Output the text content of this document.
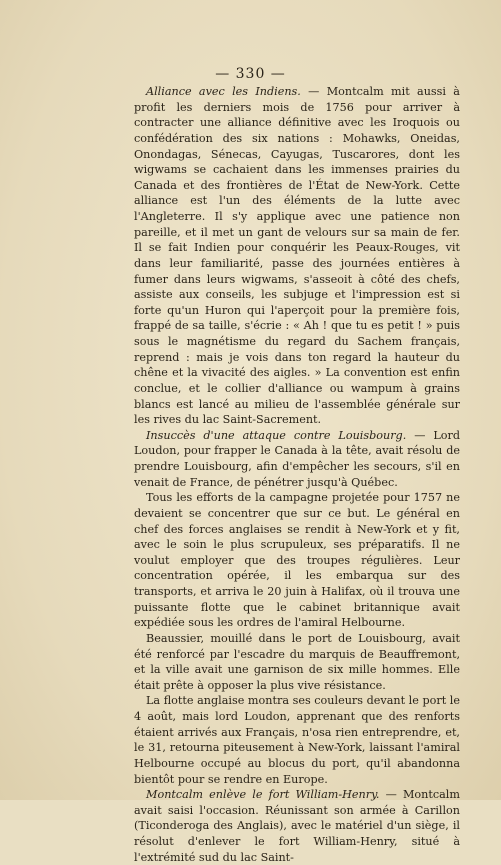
— 330 —

Alliance avec les Indiens. — Montcalm mit aussi à profit les derniers mois de 1756 pour arriver à contracter une alliance définitive avec les Iroquois ou confédération des six nations : Mohawks, Oneidas, Onondagas, Sénecas, Cayugas, Tuscarores, dont les wigwams se cachaient dans les immenses prairies du Canada et des frontières de l'État de New-York. Cette alliance est l'un des éléments de la lutte avec l'Angleterre. Il s'y applique avec une patience non pareille, et il met un gant de velours sur sa main de fer. Il se fait Indien pour conquérir les Peaux-Rouges, vit dans leur familiarité, passe des journées entières à fumer dans leurs wigwams, s'asseoit à côté des chefs, assiste aux conseils, les subjuge et l'impression est si forte qu'un Huron qui l'aperçoit pour la première fois, frappé de sa taille, s'écrie : « Ah ! que tu es petit ! » puis sous le magnétisme du regard du Sachem français, reprend : mais je vois dans ton regard la hauteur du chêne et la vivacité des aigles. » La convention est enfin conclue, et le collier d'alliance ou wampum à grains blancs est lancé au milieu de l'assemblée générale sur les rives du lac Saint-Sacrement.

Insuccès d'une attaque contre Louisbourg. — Lord Loudon, pour frapper le Canada à la tête, avait résolu de prendre Louisbourg, afin d'empêcher les secours, s'il en venait de France, de pénétrer jusqu'à Québec.

Tous les efforts de la campagne projetée pour 1757 ne devaient se concentrer que sur ce but. Le général en chef des forces anglaises se rendit à New-York et y fit, avec le soin le plus scrupuleux, ses préparatifs. Il ne voulut employer que des troupes régulières. Leur concentration opérée, il les embarqua sur des transports, et arriva le 20 juin à Halifax, où il trouva une puissante flotte que le cabinet britannique avait expédiée sous les ordres de l'amiral Helbourne.

Beaussier, mouillé dans le port de Louisbourg, avait été renforcé par l'escadre du marquis de Beauffremont, et la ville avait une garnison de six mille hommes. Elle était prête à opposer la plus vive résistance.

La flotte anglaise montra ses couleurs devant le port le 4 août, mais lord Loudon, apprenant que des renforts étaient arrivés aux Français, n'osa rien entreprendre, et, le 31, retourna piteusement à New-York, laissant l'amiral Helbourne occupé au blocus du port, qu'il abandonna bientôt pour se rendre en Europe.

Montcalm enlève le fort William-Henry. — Montcalm avait saisi l'occasion. Réunissant son armée à Carillon (Ticonderoga des Anglais), avec le matériel d'un siège, il résolut d'enlever le fort William-Henry, situé à l'extrémité sud du lac Saint-
